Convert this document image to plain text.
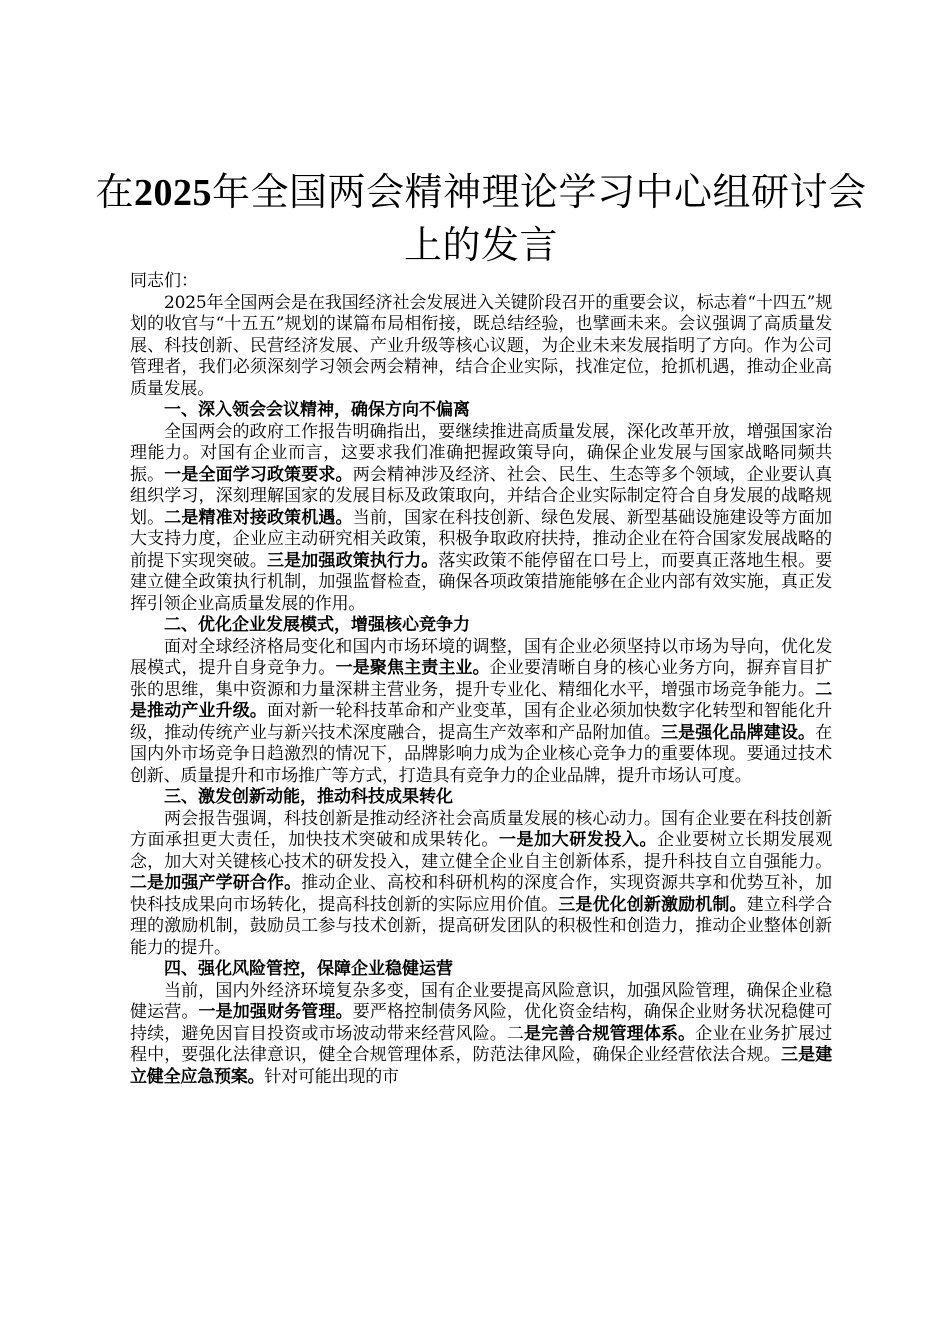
在2025年全国两会精神理论学习中心组研讨会上的发言

同志们：

2025年全国两会是在我国经济社会发展进入关键阶段召开的重要会议，标志着“十四五”规划的收官与“十五五”规划的谋篇布局相衔接，既总结经验，也擘画未来。会议强调了高质量发展、科技创新、民营经济发展、产业升级等核心议题，为企业未来发展指明了方向。作为公司管理者，我们必须深刻学习领会两会精神，结合企业实际，找准定位，抢抓机遇，推动企业高质量发展。

一、深入领会会议精神，确保方向不偏离

全国两会的政府工作报告明确指出，要继续推进高质量发展，深化改革开放，增强国家治理能力。对国有企业而言，这要求我们准确把握政策导向，确保企业发展与国家战略同频共振。一是全面学习政策要求。两会精神涉及经济、社会、民生、生态等多个领域，企业要认真组织学习，深刻理解国家的发展目标及政策取向，并结合企业实际制定符合自身发展的战略规划。二是精准对接政策机遇。当前，国家在科技创新、绿色发展、新型基础设施建设等方面加大支持力度，企业应主动研究相关政策，积极争取政府扶持，推动企业在符合国家发展战略的前提下实现突破。三是加强政策执行力。落实政策不能停留在口号上，而要真正落地生根。要建立健全政策执行机制，加强监督检查，确保各项政策措施能够在企业内部有效实施，真正发挥引领企业高质量发展的作用。

二、优化企业发展模式，增强核心竞争力

面对全球经济格局变化和国内市场环境的调整，国有企业必须坚持以市场为导向，优化发展模式，提升自身竞争力。一是聚焦主责主业。企业要清晰自身的核心业务方向，摒弃盲目扩张的思维，集中资源和力量深耕主营业务，提升专业化、精细化水平，增强市场竞争能力。二是推动产业升级。面对新一轮科技革命和产业变革，国有企业必须加快数字化转型和智能化升级，推动传统产业与新兴技术深度融合，提高生产效率和产品附加值。三是强化品牌建设。在国内外市场竞争日趋激烈的情况下，品牌影响力成为企业核心竞争力的重要体现。要通过技术创新、质量提升和市场推广等方式，打造具有竞争力的企业品牌，提升市场认可度。

三、激发创新动能，推动科技成果转化

两会报告强调，科技创新是推动经济社会高质量发展的核心动力。国有企业要在科技创新方面承担更大责任，加快技术突破和成果转化。一是加大研发投入。企业要树立长期发展观念，加大对关键核心技术的研发投入，建立健全企业自主创新体系，提升科技自立自强能力。二是加强产学研合作。推动企业、高校和科研机构的深度合作，实现资源共享和优势互补，加快科技成果向市场转化，提高科技创新的实际应用价值。三是优化创新激励机制。建立科学合理的激励机制，鼓励员工参与技术创新，提高研发团队的积极性和创造力，推动企业整体创新能力的提升。

四、强化风险管控，保障企业稳健运营

当前，国内外经济环境复杂多变，国有企业要提高风险意识，加强风险管理，确保企业稳健运营。一是加强财务管理。要严格控制债务风险，优化资金结构，确保企业财务状况稳健可持续，避免因盲目投资或市场波动带来经营风险。二是完善合规管理体系。企业在业务扩展过程中，要强化法律意识，健全合规管理体系，防范法律风险，确保企业经营依法合规。三是建立健全应急预案。针对可能出现的市
